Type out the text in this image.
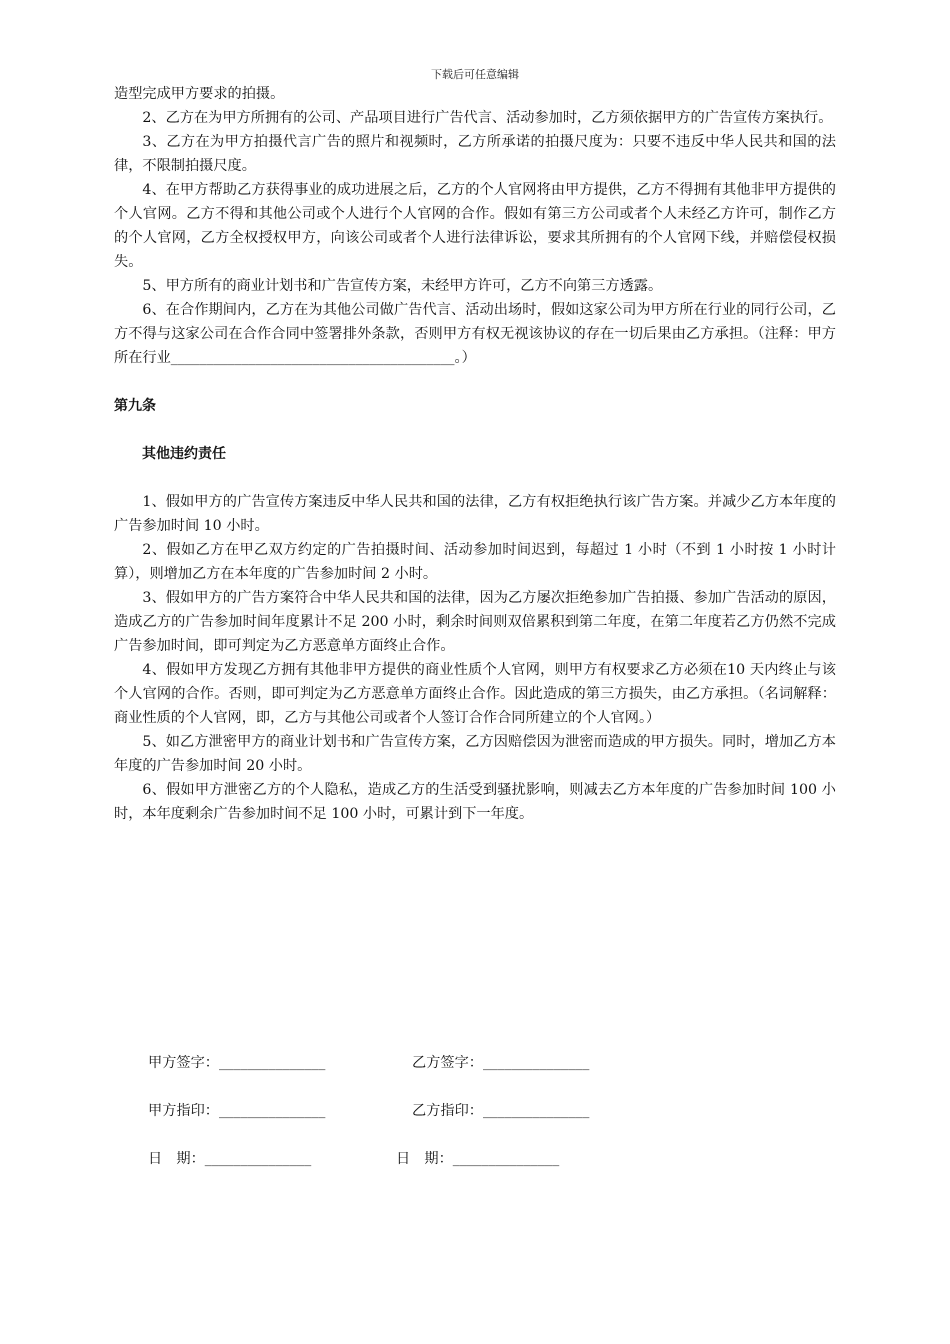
下载后可任意编辑

造型完成甲方要求的拍摄。

2、乙方在为甲方所拥有的公司、产品项目进行广告代言、活动参加时，乙方须依据甲方的广告宣传方案执行。

3、乙方在为甲方拍摄代言广告的照片和视频时，乙方所承诺的拍摄尺度为：只要不违反中华人民共和国的法律，不限制拍摄尺度。

4、在甲方帮助乙方获得事业的成功进展之后，乙方的个人官网将由甲方提供，乙方不得拥有其他非甲方提供的个人官网。乙方不得和其他公司或个人进行个人官网的合作。假如有第三方公司或者个人未经乙方许可，制作乙方的个人官网，乙方全权授权甲方，向该公司或者个人进行法律诉讼，要求其所拥有的个人官网下线，并赔偿侵权损失。

5、甲方所有的商业计划书和广告宣传方案，未经甲方许可，乙方不向第三方透露。

6、在合作期间内，乙方在为其他公司做广告代言、活动出场时，假如这家公司为甲方所在行业的同行公司，乙方不得与这家公司在合作合同中签署排外条款，否则甲方有权无视该协议的存在一切后果由乙方承担。（注释：甲方所在行业________________________________________。）

第九条

其他违约责任

1、假如甲方的广告宣传方案违反中华人民共和国的法律，乙方有权拒绝执行该广告方案。并减少乙方本年度的广告参加时间 10 小时。

2、假如乙方在甲乙双方约定的广告拍摄时间、活动参加时间迟到，每超过 1 小时（不到 1 小时按 1 小时计算），则增加乙方在本年度的广告参加时间 2 小时。

3、假如甲方的广告方案符合中华人民共和国的法律，因为乙方屡次拒绝参加广告拍摄、参加广告活动的原因，造成乙方的广告参加时间年度累计不足 200 小时，剩余时间则双倍累积到第二年度，在第二年度若乙方仍然不完成广告参加时间，即可判定为乙方恶意单方面终止合作。

4、假如甲方发现乙方拥有其他非甲方提供的商业性质个人官网，则甲方有权要求乙方必须在10 天内终止与该个人官网的合作。否则，即可判定为乙方恶意单方面终止合作。因此造成的第三方损失，由乙方承担。（名词解释：商业性质的个人官网，即，乙方与其他公司或者个人签订合作合同所建立的个人官网。）

5、如乙方泄密甲方的商业计划书和广告宣传方案，乙方因赔偿因为泄密而造成的甲方损失。同时，增加乙方本年度的广告参加时间 20 小时。

6、假如甲方泄密乙方的个人隐私，造成乙方的生活受到骚扰影响，则减去乙方本年度的广告参加时间 100 小时，本年度剩余广告参加时间不足 100 小时，可累计到下一年度。

甲方签字：_______________	乙方签字：_______________
甲方指印：_______________	乙方指印：_______________
日　期：_______________	日　期：_______________
